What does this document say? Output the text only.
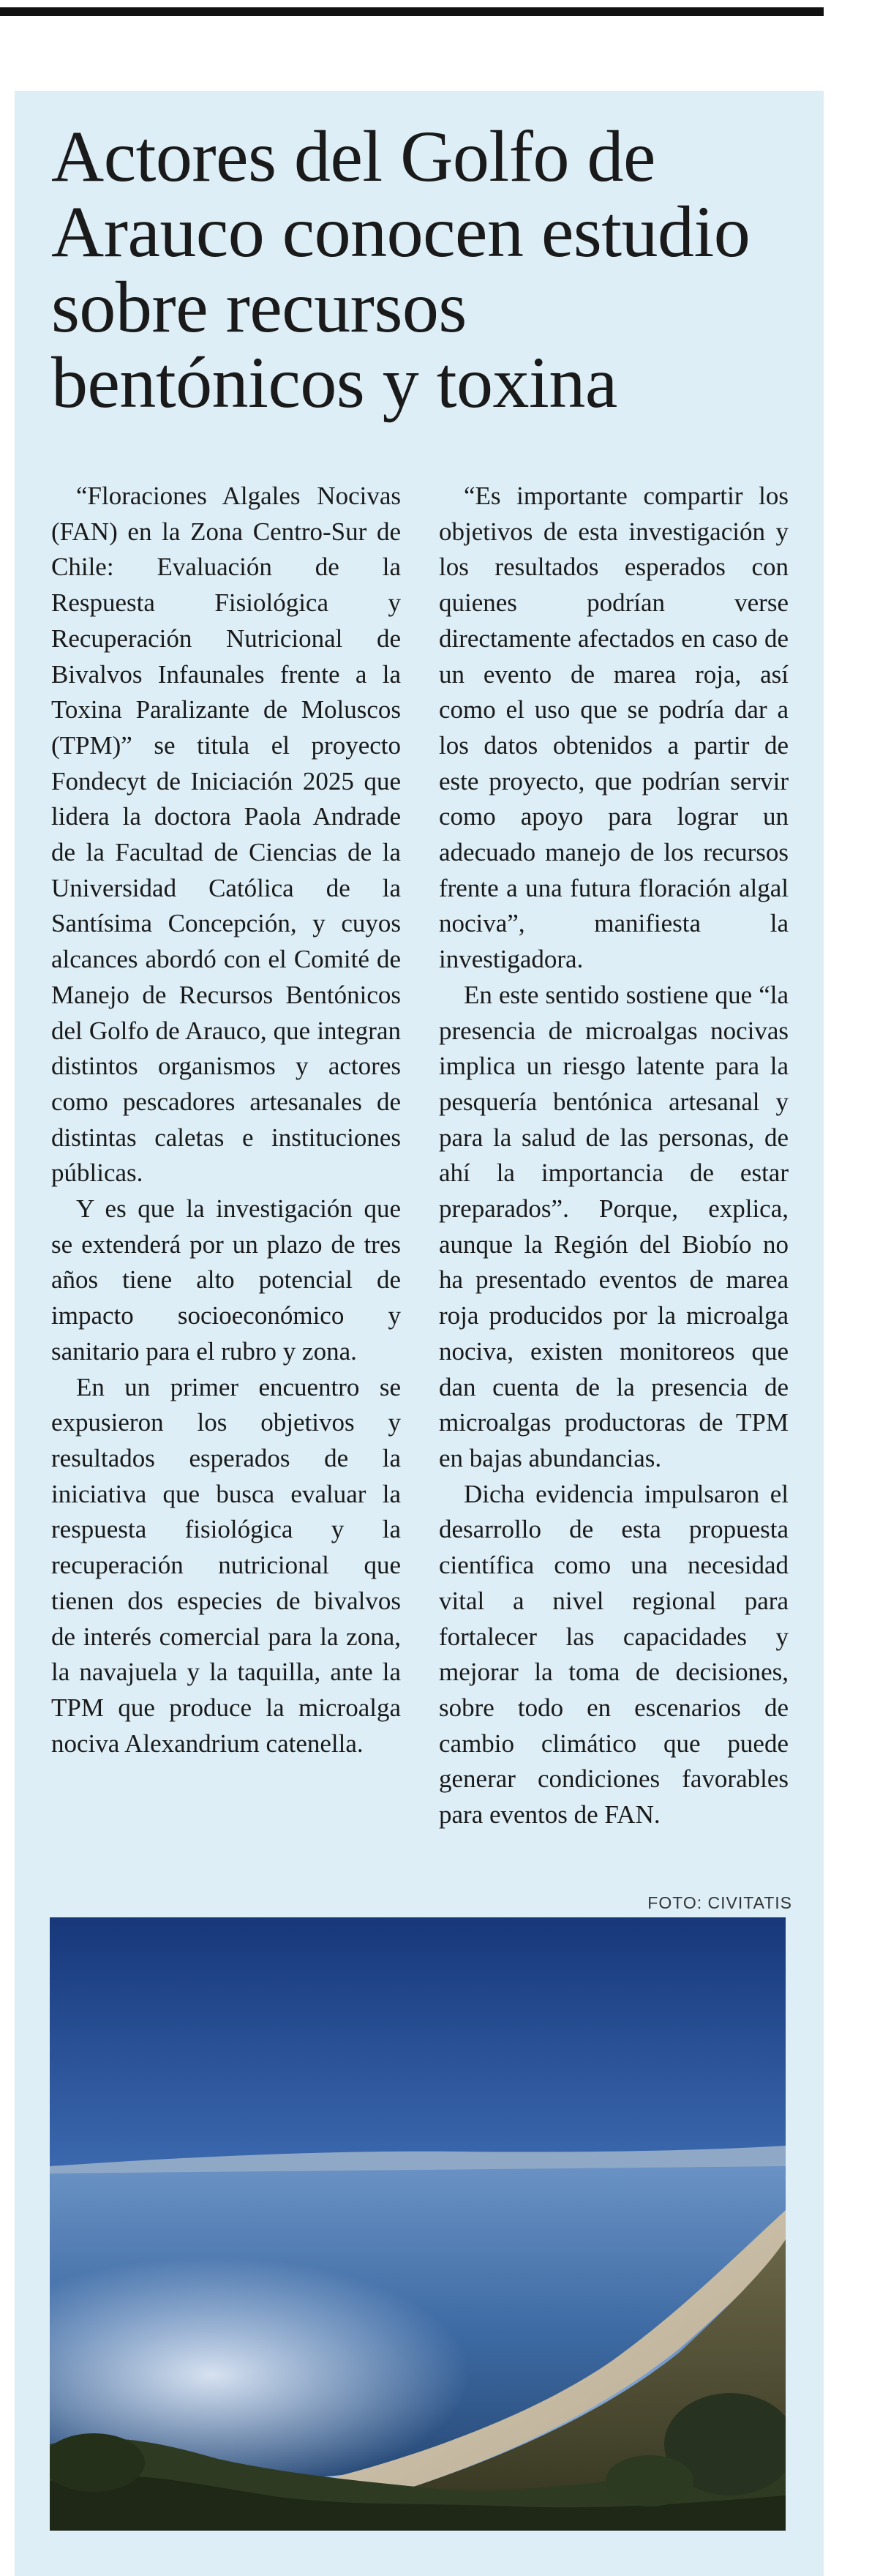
Actores del Golfo de Arauco conocen estudio sobre recursos bentónicos y toxina

“Floraciones Algales Nocivas (FAN) en la Zona Centro-Sur de Chile: Evaluación de la Respuesta Fisiológica y Recuperación Nutricional de Bivalvos Infaunales frente a la Toxina Paralizante de Moluscos (TPM)” se titula el proyecto Fondecyt de Iniciación 2025 que lidera la doctora Paola Andrade de la Facultad de Ciencias de la Universidad Católica de la Santísima Concepción, y cuyos alcances abordó con el Comité de Manejo de Recursos Bentónicos del Golfo de Arauco, que integran distintos organismos y actores como pescadores artesanales de distintas caletas e instituciones públicas.

Y es que la investigación que se extenderá por un plazo de tres años tiene alto potencial de impacto socioeconómico y sanitario para el rubro y zona.

En un primer encuentro se expusieron los objetivos y resultados esperados de la iniciativa que busca evaluar la respuesta fisiológica y la recuperación nutricional que tienen dos especies de bivalvos de interés comercial para la zona, la navajuela y la taquilla, ante la TPM que produce la microalga nociva Alexandrium catenella.

“Es importante compartir los objetivos de esta investigación y los resultados esperados con quienes podrían verse directamente afectados en caso de un evento de marea roja, así como el uso que se podría dar a los datos obtenidos a partir de este proyecto, que podrían servir como apoyo para lograr un adecuado manejo de los recursos frente a una futura floración algal nociva”, manifiesta la investigadora.

En este sentido sostiene que “la presencia de microalgas nocivas implica un riesgo latente para la pesquería bentónica artesanal y para la salud de las personas, de ahí la importancia de estar preparados”. Porque, explica, aunque la Región del Biobío no ha presentado eventos de marea roja producidos por la microalga nociva, existen monitoreos que dan cuenta de la presencia de microalgas productoras de TPM en bajas abundancias.

Dicha evidencia impulsaron el desarrollo de esta propuesta científica como una necesidad vital a nivel regional para fortalecer las capacidades y mejorar la toma de decisiones, sobre todo en escenarios de cambio climático que puede generar condiciones favorables para eventos de FAN.

FOTO: CIVITATIS
